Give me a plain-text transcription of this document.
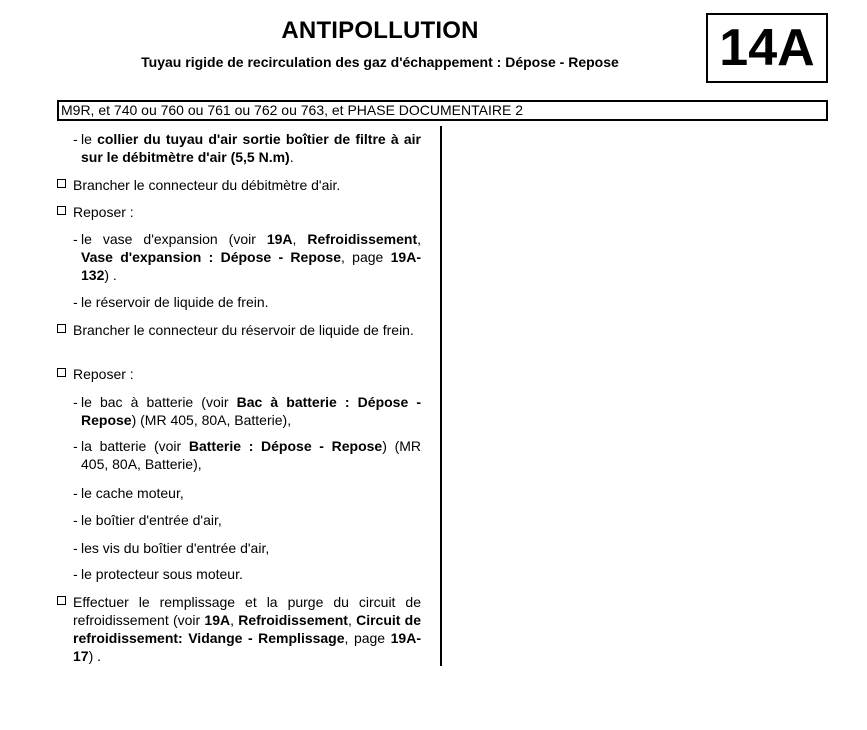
ANTIPOLLUTION
Tuyau rigide de recirculation des gaz d'échappement : Dépose - Repose	14A
M9R, et 740 ou 760 ou 761 ou 762 ou 763, et PHASE DOCUMENTAIRE 2
- le collier du tuyau d'air sortie boîtier de filtre à air sur le débitmètre d'air (5,5 N.m).
Brancher le connecteur du débitmètre d'air.
Reposer :
- le vase d'expansion (voir 19A, Refroidissement, Vase d'expansion : Dépose - Repose, page 19A-132) .
- le réservoir de liquide de frein.
Brancher le connecteur du réservoir de liquide de frein.
Reposer :
- le bac à batterie (voir Bac à batterie : Dépose - Repose) (MR 405, 80A, Batterie),
- la batterie (voir Batterie : Dépose - Repose) (MR 405, 80A, Batterie),
- le cache moteur,
- le boîtier d'entrée d'air,
- les vis du boîtier d'entrée d'air,
- le protecteur sous moteur.
Effectuer le remplissage et la purge du circuit de refroidissement (voir 19A, Refroidissement, Circuit de refroidissement: Vidange - Remplissage, page 19A-17) .
